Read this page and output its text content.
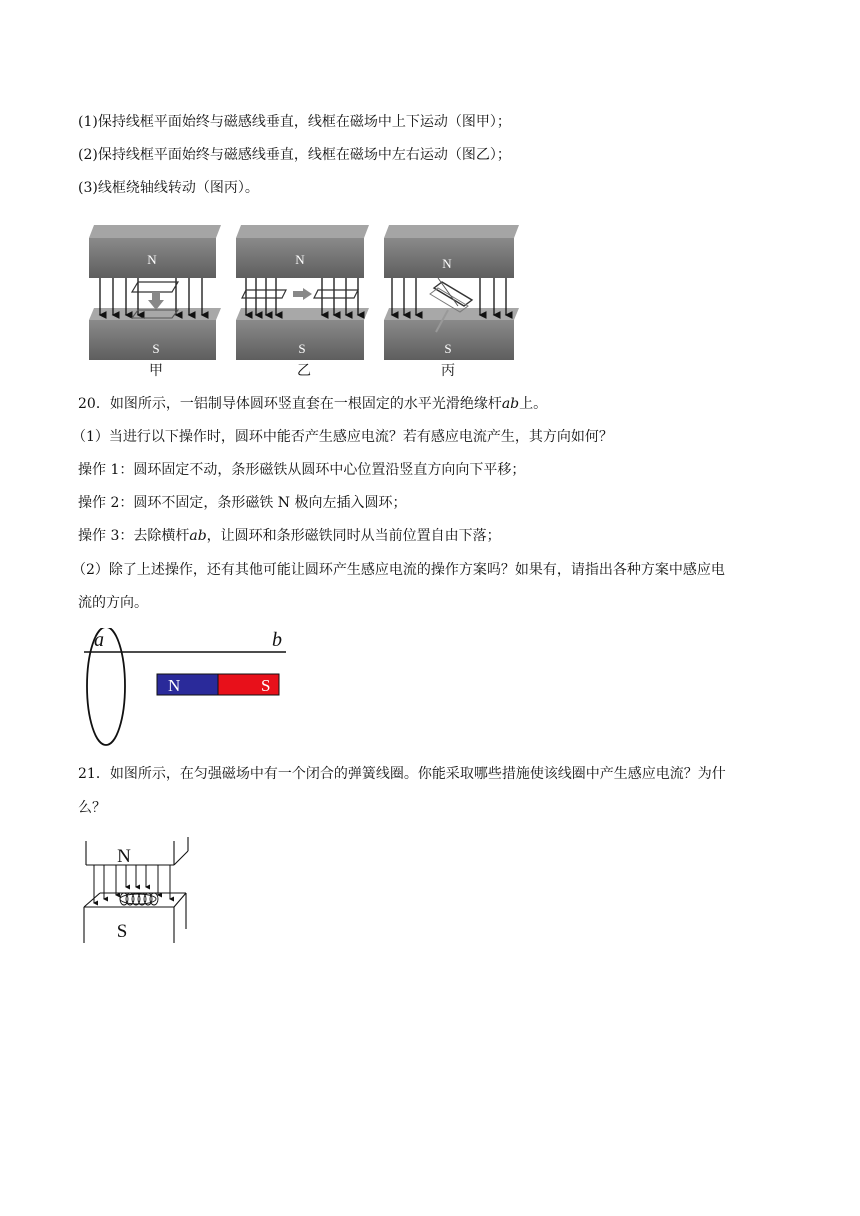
(1)保持线框平面始终与磁感线垂直，线框在磁场中上下运动（图甲）；
(2)保持线框平面始终与磁感线垂直，线框在磁场中左右运动（图乙）；
(3)线框绕轴线转动（图丙）。
N
S
N
S
N
S
甲	乙	丙
20．如图所示，一铝制导体圆环竖直套在一根固定的水平光滑绝缘杆ab上。
（1）当进行以下操作时，圆环中能否产生感应电流？若有感应电流产生，其方向如何？
操作 1：圆环固定不动，条形磁铁从圆环中心位置沿竖直方向向下平移；
操作 2：圆环不固定，条形磁铁 N 极向左插入圆环；
操作 3：去除横杆ab，让圆环和条形磁铁同时从当前位置自由下落；
（2）除了上述操作，还有其他可能让圆环产生感应电流的操作方案吗？如果有，请指出各种方案中感应电
流的方向。
a	b
N	S
21．如图所示，在匀强磁场中有一个闭合的弹簧线圈。你能采取哪些措施使该线圈中产生感应电流？为什
么？
N
S
